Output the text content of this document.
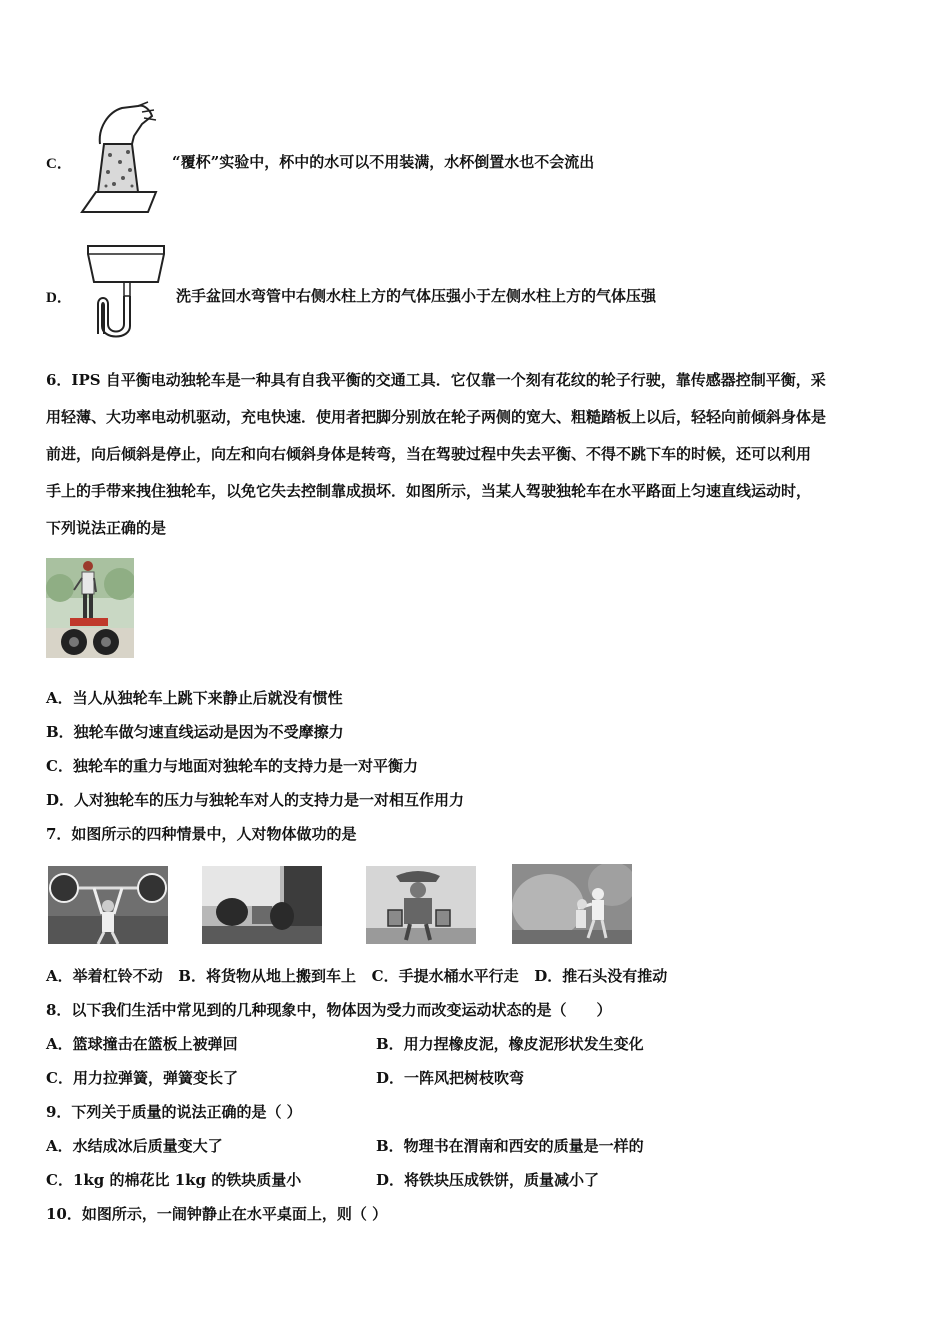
C．	“覆杯”实验中，杯中的水可以不用装满，水杯倒置水也不会流出
D．	洗手盆回水弯管中右侧水柱上方的气体压强小于左侧水柱上方的气体压强
6．IPS 自平衡电动独轮车是一种具有自我平衡的交通工具．它仅靠一个刻有花纹的轮子行驶，靠传感器控制平衡，采
用轻薄、大功率电动机驱动，充电快速．使用者把脚分别放在轮子两侧的宽大、粗糙踏板上以后，轻轻向前倾斜身体是
前进，向后倾斜是停止，向左和向右倾斜身体是转弯，当在驾驶过程中失去平衡、不得不跳下车的时候，还可以利用
手上的手带来拽住独轮车，以免它失去控制靠成损坏．如图所示，当某人驾驶独轮车在水平路面上匀速直线运动时，
下列说法正确的是
A．当人从独轮车上跳下来静止后就没有惯性
B．独轮车做匀速直线运动是因为不受摩擦力
C．独轮车的重力与地面对独轮车的支持力是一对平衡力
D．人对独轮车的压力与独轮车对人的支持力是一对相互作用力
7．如图所示的四种情景中，人对物体做功的是
A．举着杠铃不动   B．将货物从地上搬到车上   C．手提水桶水平行走   D．推石头没有推动
8．以下我们生活中常见到的几种现象中，物体因为受力而改变运动状态的是（　　）
A．篮球撞击在篮板上被弹回	B．用力捏橡皮泥，橡皮泥形状发生变化
C．用力拉弹簧，弹簧变长了	D．一阵风把树枝吹弯
9．下列关于质量的说法正确的是（ ）
A．水结成冰后质量变大了	B．物理书在渭南和西安的质量是一样的
C．1kg 的棉花比 1kg 的铁块质量小	D．将铁块压成铁饼，质量减小了
10．如图所示，一闹钟静止在水平桌面上，则（ ）
